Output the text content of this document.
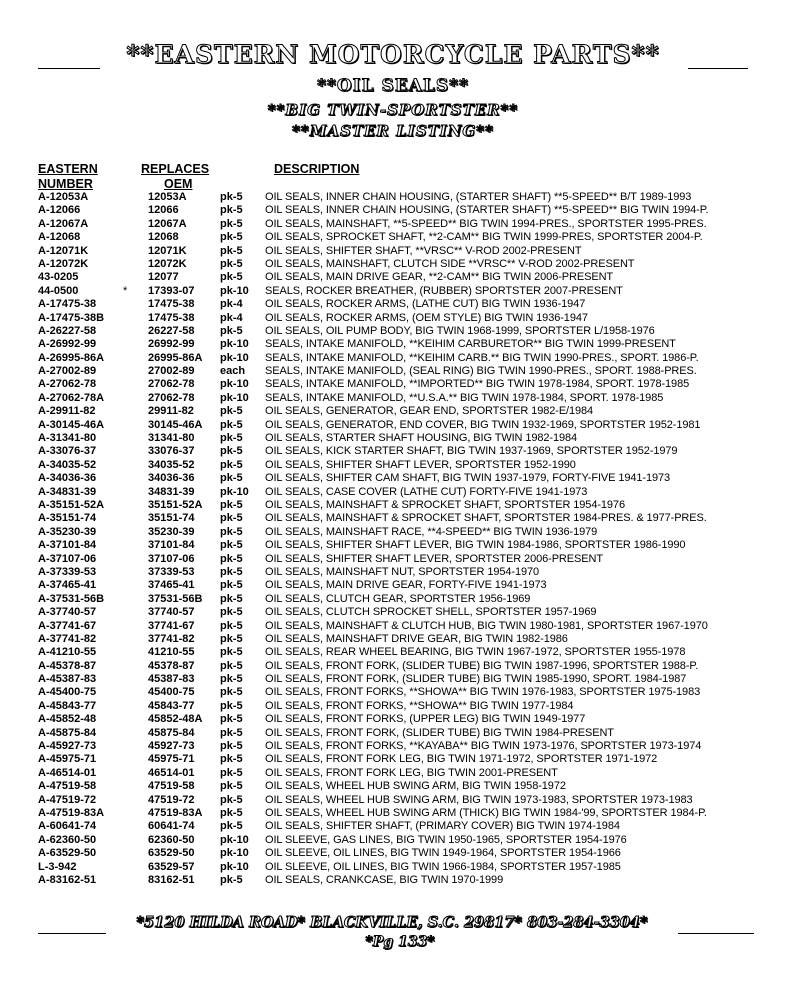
**EASTERN MOTORCYCLE PARTS**
**OIL SEALS**
**BIG TWIN-SPORTSTER**
**MASTER LISTING**
EASTERN
NUMBER
REPLACES
OEM
DESCRIPTION
A-12053A	12053A	pk-5 OIL SEALS, INNER CHAIN HOUSING, (STARTER SHAFT) **5-SPEED** B/T 1989-1993
A-12066	12066	pk-5 OIL SEALS, INNER CHAIN HOUSING, (STARTER SHAFT) **5-SPEED** BIG TWIN 1994-P.
A-12067A	12067A	pk-5 OIL SEALS, MAINSHAFT, **5-SPEED** BIG TWIN 1994-PRES., SPORTSTER 1995-PRES.
A-12068	12068	pk-5 OIL SEALS, SPROCKET SHAFT, **2-CAM** BIG TWIN 1999-PRES, SPORTSTER 2004-P.
A-12071K	12071K	pk-5 OIL SEALS, SHIFTER SHAFT, **VRSC** V-ROD 2002-PRESENT
A-12072K	12072K	pk-5 OIL SEALS, MAINSHAFT, CLUTCH SIDE **VRSC** V-ROD 2002-PRESENT
43-0205	12077	pk-5 OIL SEALS, MAIN DRIVE GEAR, **2-CAM** BIG TWIN 2006-PRESENT
44-0500	* 17393-07 pk-10 SEALS, ROCKER BREATHER, (RUBBER) SPORTSTER 2007-PRESENT
A-17475-38	17475-38 pk-4 OIL SEALS, ROCKER ARMS, (LATHE CUT) BIG TWIN 1936-1947
A-17475-38B	17475-38 pk-4 OIL SEALS, ROCKER ARMS, (OEM STYLE) BIG TWIN 1936-1947
A-26227-58	26227-58 pk-5 OIL SEALS, OIL PUMP BODY, BIG TWIN 1968-1999, SPORTSTER L/1958-1976
A-26992-99	26992-99 pk-10 SEALS, INTAKE MANIFOLD, **KEIHIM CARBURETOR** BIG TWIN 1999-PRESENT
A-26995-86A	26995-86A pk-10 SEALS, INTAKE MANIFOLD, **KEIHIM CARB.** BIG TWIN 1990-PRES., SPORT. 1986-P.
A-27002-89	27002-89 each SEALS, INTAKE MANIFOLD, (SEAL RING) BIG TWIN 1990-PRES., SPORT. 1988-PRES.
A-27062-78	27062-78 pk-10 SEALS, INTAKE MANIFOLD, **IMPORTED** BIG TWIN 1978-1984, SPORT. 1978-1985
A-27062-78A	27062-78 pk-10 SEALS, INTAKE MANIFOLD, **U.S.A.** BIG TWIN 1978-1984, SPORT. 1978-1985
A-29911-82	29911-82 pk-5 OIL SEALS, GENERATOR, GEAR END, SPORTSTER 1982-E/1984
A-30145-46A	30145-46A pk-5 OIL SEALS, GENERATOR, END COVER, BIG TWIN 1932-1969, SPORTSTER 1952-1981
A-31341-80	31341-80 pk-5 OIL SEALS, STARTER SHAFT HOUSING, BIG TWIN 1982-1984
A-33076-37	33076-37 pk-5 OIL SEALS, KICK STARTER SHAFT, BIG TWIN 1937-1969, SPORTSTER 1952-1979
A-34035-52	34035-52 pk-5 OIL SEALS, SHIFTER SHAFT LEVER, SPORTSTER 1952-1990
A-34036-36	34036-36 pk-5 OIL SEALS, SHIFTER CAM SHAFT, BIG TWIN 1937-1979, FORTY-FIVE 1941-1973
A-34831-39	34831-39 pk-10 OIL SEALS, CASE COVER (LATHE CUT) FORTY-FIVE 1941-1973
A-35151-52A	35151-52A pk-5 OIL SEALS, MAINSHAFT & SPROCKET SHAFT, SPORTSTER 1954-1976
A-35151-74	35151-74 pk-5 OIL SEALS, MAINSHAFT & SPROCKET SHAFT, SPORTSTER 1984-PRES. & 1977-PRES.
A-35230-39	35230-39 pk-5 OIL SEALS, MAINSHAFT RACE, **4-SPEED** BIG TWIN 1936-1979
A-37101-84	37101-84 pk-5 OIL SEALS, SHIFTER SHAFT LEVER, BIG TWIN 1984-1986, SPORTSTER 1986-1990
A-37107-06	37107-06 pk-5 OIL SEALS, SHIFTER SHAFT LEVER, SPORTSTER 2006-PRESENT
A-37339-53	37339-53 pk-5 OIL SEALS, MAINSHAFT NUT, SPORTSTER 1954-1970
A-37465-41	37465-41 pk-5 OIL SEALS, MAIN DRIVE GEAR, FORTY-FIVE 1941-1973
A-37531-56B	37531-56B pk-5 OIL SEALS, CLUTCH GEAR, SPORTSTER 1956-1969
A-37740-57	37740-57 pk-5 OIL SEALS, CLUTCH SPROCKET SHELL, SPORTSTER 1957-1969
A-37741-67	37741-67 pk-5 OIL SEALS, MAINSHAFT & CLUTCH HUB, BIG TWIN 1980-1981, SPORTSTER 1967-1970
A-37741-82	37741-82 pk-5 OIL SEALS, MAINSHAFT DRIVE GEAR, BIG TWIN 1982-1986
A-41210-55	41210-55 pk-5 OIL SEALS, REAR WHEEL BEARING, BIG TWIN 1967-1972, SPORTSTER 1955-1978
A-45378-87	45378-87 pk-5 OIL SEALS, FRONT FORK, (SLIDER TUBE) BIG TWIN 1987-1996, SPORTSTER 1988-P.
A-45387-83	45387-83 pk-5 OIL SEALS, FRONT FORK, (SLIDER TUBE) BIG TWIN 1985-1990, SPORT. 1984-1987
A-45400-75	45400-75 pk-5 OIL SEALS, FRONT FORKS, **SHOWA** BIG TWIN 1976-1983, SPORTSTER 1975-1983
A-45843-77	45843-77 pk-5 OIL SEALS, FRONT FORKS, **SHOWA** BIG TWIN 1977-1984
A-45852-48	45852-48A pk-5 OIL SEALS, FRONT FORKS, (UPPER LEG) BIG TWIN 1949-1977
A-45875-84	45875-84 pk-5 OIL SEALS, FRONT FORK, (SLIDER TUBE) BIG TWIN 1984-PRESENT
A-45927-73	45927-73 pk-5 OIL SEALS, FRONT FORKS, **KAYABA** BIG TWIN 1973-1976, SPORTSTER 1973-1974
A-45975-71	45975-71 pk-5 OIL SEALS, FRONT FORK LEG, BIG TWIN 1971-1972, SPORTSTER 1971-1972
A-46514-01	46514-01 pk-5 OIL SEALS, FRONT FORK LEG, BIG TWIN 2001-PRESENT
A-47519-58	47519-58 pk-5 OIL SEALS, WHEEL HUB SWING ARM, BIG TWIN 1958-1972
A-47519-72	47519-72 pk-5 OIL SEALS, WHEEL HUB SWING ARM, BIG TWIN 1973-1983, SPORTSTER 1973-1983
A-47519-83A	47519-83A pk-5 OIL SEALS, WHEEL HUB SWING ARM (THICK) BIG TWIN 1984-'99, SPORTSTER 1984-P.
A-60641-74	60641-74 pk-5 OIL SEALS, SHIFTER SHAFT, (PRIMARY COVER) BIG TWIN 1974-1984
A-62360-50	62360-50 pk-10 OIL SLEEVE, GAS LINES, BIG TWIN 1950-1965, SPORTSTER 1954-1976
A-63529-50	63529-50 pk-10 OIL SLEEVE, OIL LINES, BIG TWIN 1949-1964, SPORTSTER 1954-1966
L-3-942	63529-57 pk-10 OIL SLEEVE, OIL LINES, BIG TWIN 1966-1984, SPORTSTER 1957-1985
A-83162-51	83162-51 pk-5 OIL SEALS, CRANKCASE, BIG TWIN 1970-1999
*5120 HILDA ROAD* BLACKVILLE, S.C. 29817* 803-284-3304*
*Pg 133*
